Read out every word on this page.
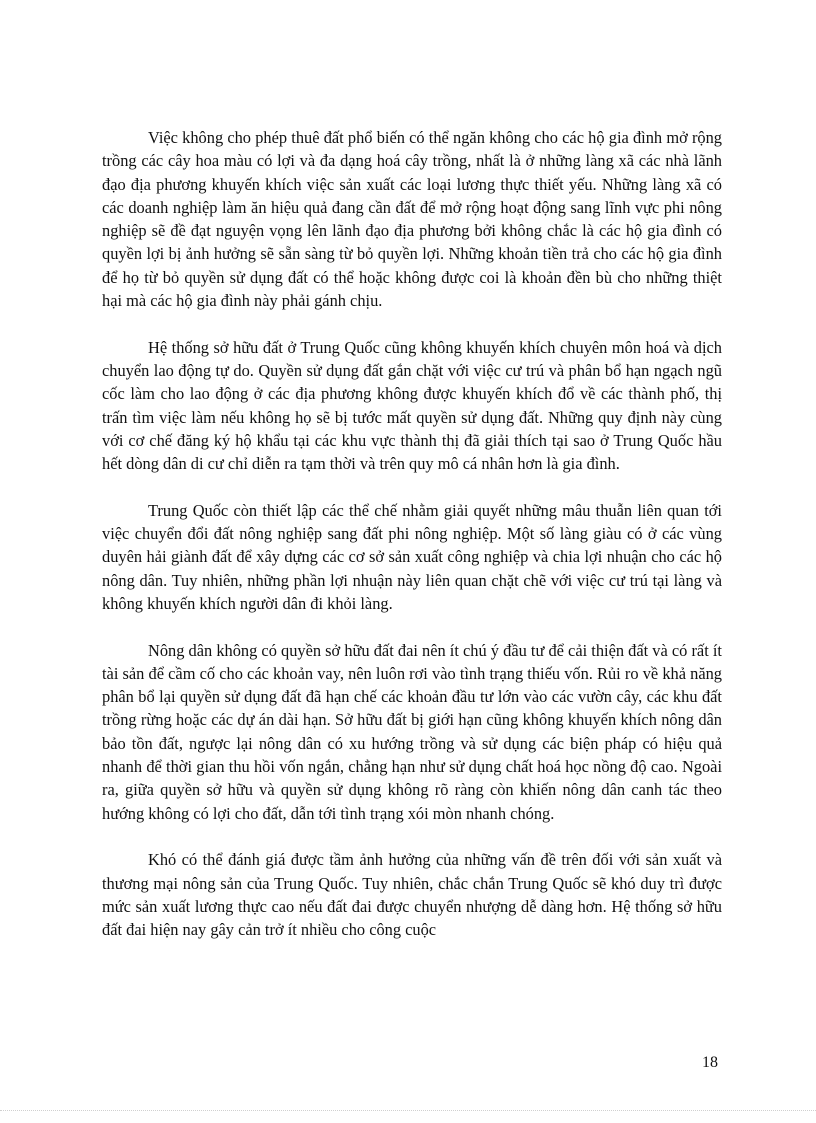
Việc không cho phép thuê đất phổ biến có thể ngăn không cho các hộ gia đình mở rộng trồng các cây hoa màu có lợi và đa dạng hoá cây trồng, nhất là ở những làng xã các nhà lãnh đạo địa phương khuyến khích việc sản xuất các loại lương thực thiết yếu. Những làng xã có các doanh nghiệp làm ăn hiệu quả đang cần đất để mở rộng hoạt động sang lĩnh vực phi nông nghiệp sẽ đề đạt nguyện vọng lên lãnh đạo địa phương bởi không chắc là các hộ gia đình có quyền lợi bị ảnh hưởng sẽ sẵn sàng từ bỏ quyền lợi. Những khoản tiền trả cho các hộ gia đình để họ từ bỏ quyền sử dụng đất có thể hoặc không được coi là khoản đền bù cho những thiệt hại mà các hộ gia đình này phải gánh chịu.

Hệ thống sở hữu đất ở Trung Quốc cũng không khuyến khích chuyên môn hoá và dịch chuyển lao động tự do. Quyền sử dụng đất gắn chặt với việc cư trú và phân bổ hạn ngạch ngũ cốc làm cho lao động ở các địa phương không được khuyến khích đổ về các thành phố, thị trấn tìm việc làm nếu không họ sẽ bị tước mất quyền sử dụng đất. Những quy định này cùng với cơ chế đăng ký hộ khẩu tại các khu vực thành thị đã giải thích tại sao ở Trung Quốc hầu hết dòng dân di cư chỉ diễn ra tạm thời và trên quy mô cá nhân hơn là gia đình.

Trung Quốc còn thiết lập các thể chế nhằm giải quyết những mâu thuẫn liên quan tới việc chuyển đổi đất nông nghiệp sang đất phi nông nghiệp. Một số làng giàu có ở các vùng duyên hải giành đất để xây dựng các cơ sở sản xuất công nghiệp và chia lợi nhuận cho các hộ nông dân. Tuy nhiên, những phần lợi nhuận này liên quan chặt chẽ với việc cư trú tại làng và không khuyến khích người dân đi khỏi làng.

Nông dân không có quyền sở hữu đất đai nên ít chú ý đầu tư để cải thiện đất và có rất ít tài sản để cầm cố cho các khoản vay, nên luôn rơi vào tình trạng thiếu vốn. Rủi ro về khả năng phân bổ lại quyền sử dụng đất đã hạn chế các khoản đầu tư lớn vào các vườn cây, các khu đất trồng rừng hoặc các dự án dài hạn. Sở hữu đất bị giới hạn cũng không khuyến khích nông dân bảo tồn đất, ngược lại nông dân có xu hướng trồng và sử dụng các biện pháp có hiệu quả nhanh để thời gian thu hồi vốn ngắn, chẳng hạn như sử dụng chất hoá học nồng độ cao. Ngoài ra, giữa quyền sở hữu và quyền sử dụng không rõ ràng còn khiến nông dân canh tác theo hướng không có lợi cho đất, dẫn tới tình trạng xói mòn nhanh chóng.

Khó có thể đánh giá được tầm ảnh hưởng của những vấn đề trên đối với sản xuất và thương mại nông sản của Trung Quốc. Tuy nhiên, chắc chắn Trung Quốc sẽ khó duy trì được mức sản xuất lương thực cao nếu đất đai được chuyển nhượng dễ dàng hơn. Hệ thống sở hữu đất đai hiện nay gây cản trở ít nhiều cho công cuộc

18
